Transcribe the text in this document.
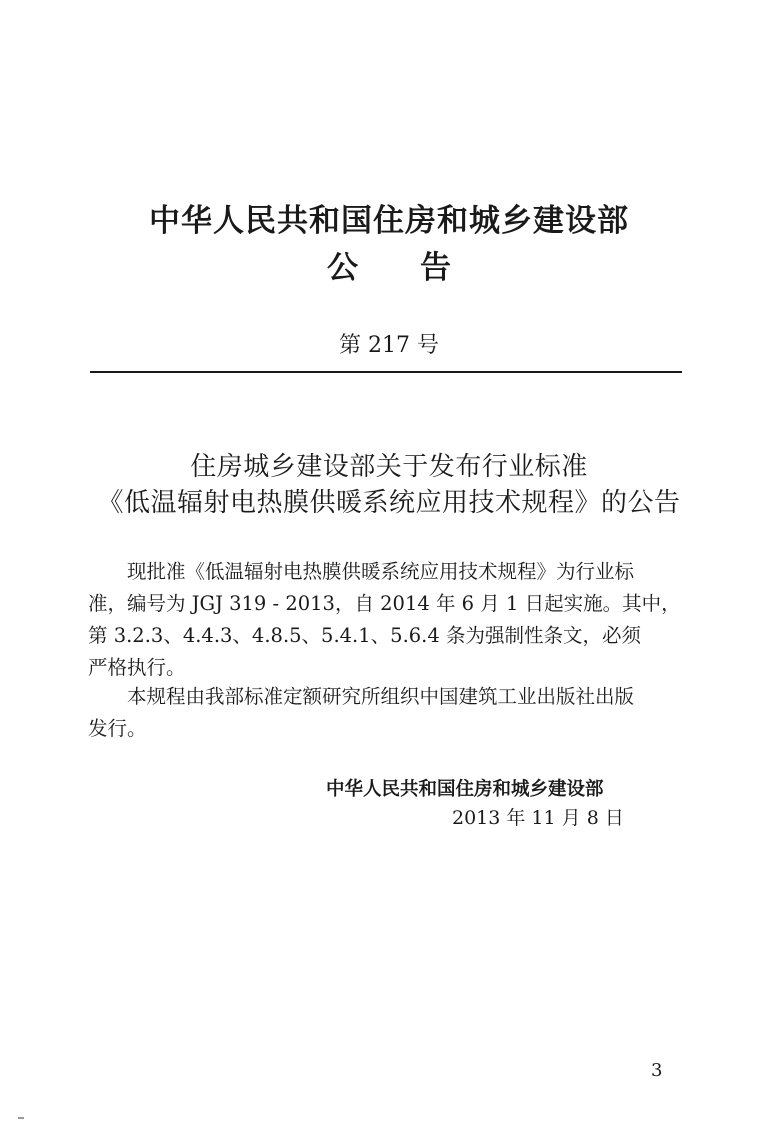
中华人民共和国住房和城乡建设部
公 告
第 217 号
住房城乡建设部关于发布行业标准
《低温辐射电热膜供暖系统应用技术规程》的公告
现批准《低温辐射电热膜供暖系统应用技术规程》为行业标
准，编号为 JGJ 319 - 2013，自 2014 年 6 月 1 日起实施。其中，
第 3.2.3、4.4.3、4.8.5、5.4.1、5.6.4 条为强制性条文，必须
严格执行。
本规程由我部标准定额研究所组织中国建筑工业出版社出版
发行。
中华人民共和国住房和城乡建设部
2013 年 11 月 8 日
3
